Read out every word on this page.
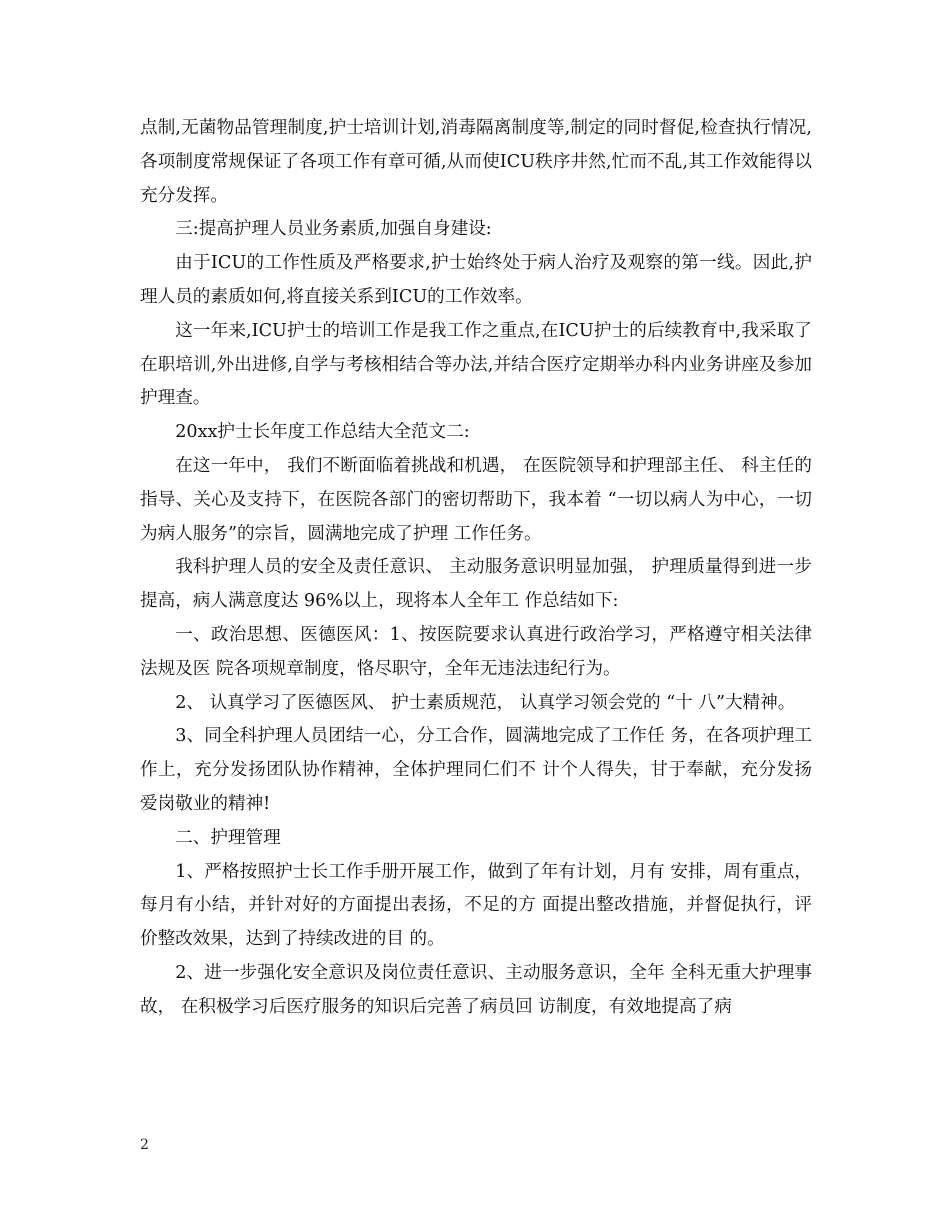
点制,无菌物品管理制度,护士培训计划,消毒隔离制度等,制定的同时督促,检查执行情况,各项制度常规保证了各项工作有章可循,从而使ICU秩序井然,忙而不乱,其工作效能得以充分发挥。

三:提高护理人员业务素质,加强自身建设:

由于ICU的工作性质及严格要求,护士始终处于病人治疗及观察的第一线。因此,护理人员的素质如何,将直接关系到ICU的工作效率。

这一年来,ICU护士的培训工作是我工作之重点,在ICU护士的后续教育中,我采取了在职培训,外出进修,自学与考核相结合等办法,并结合医疗定期举办科内业务讲座及参加护理查。

20xx护士长年度工作总结大全范文二:

在这一年中， 我们不断面临着挑战和机遇， 在医院领导和护理部主任、 科主任的指导、关心及支持下，在医院各部门的密切帮助下，我本着 “一切以病人为中心，一切为病人服务”的宗旨，圆满地完成了护理 工作任务。

我科护理人员的安全及责任意识、 主动服务意识明显加强， 护理质量得到进一步提高，病人满意度达 96%以上，现将本人全年工 作总结如下:

一、政治思想、医德医风：1、按医院要求认真进行政治学习，严格遵守相关法律法规及医 院各项规章制度，恪尽职守，全年无违法违纪行为。

2、 认真学习了医德医风、 护士素质规范， 认真学习领会党的 “十 八”大精神。

3、同全科护理人员团结一心，分工合作，圆满地完成了工作任 务，在各项护理工作上，充分发扬团队协作精神，全体护理同仁们不 计个人得失，甘于奉献，充分发扬爱岗敬业的精神!

二、护理管理

1、严格按照护士长工作手册开展工作，做到了年有计划，月有 安排，周有重点，每月有小结，并针对好的方面提出表扬，不足的方 面提出整改措施，并督促执行，评价整改效果，达到了持续改进的目 的。

2、进一步强化安全意识及岗位责任意识、主动服务意识，全年 全科无重大护理事故， 在积极学习后医疗服务的知识后完善了病员回 访制度，有效地提高了病

2
